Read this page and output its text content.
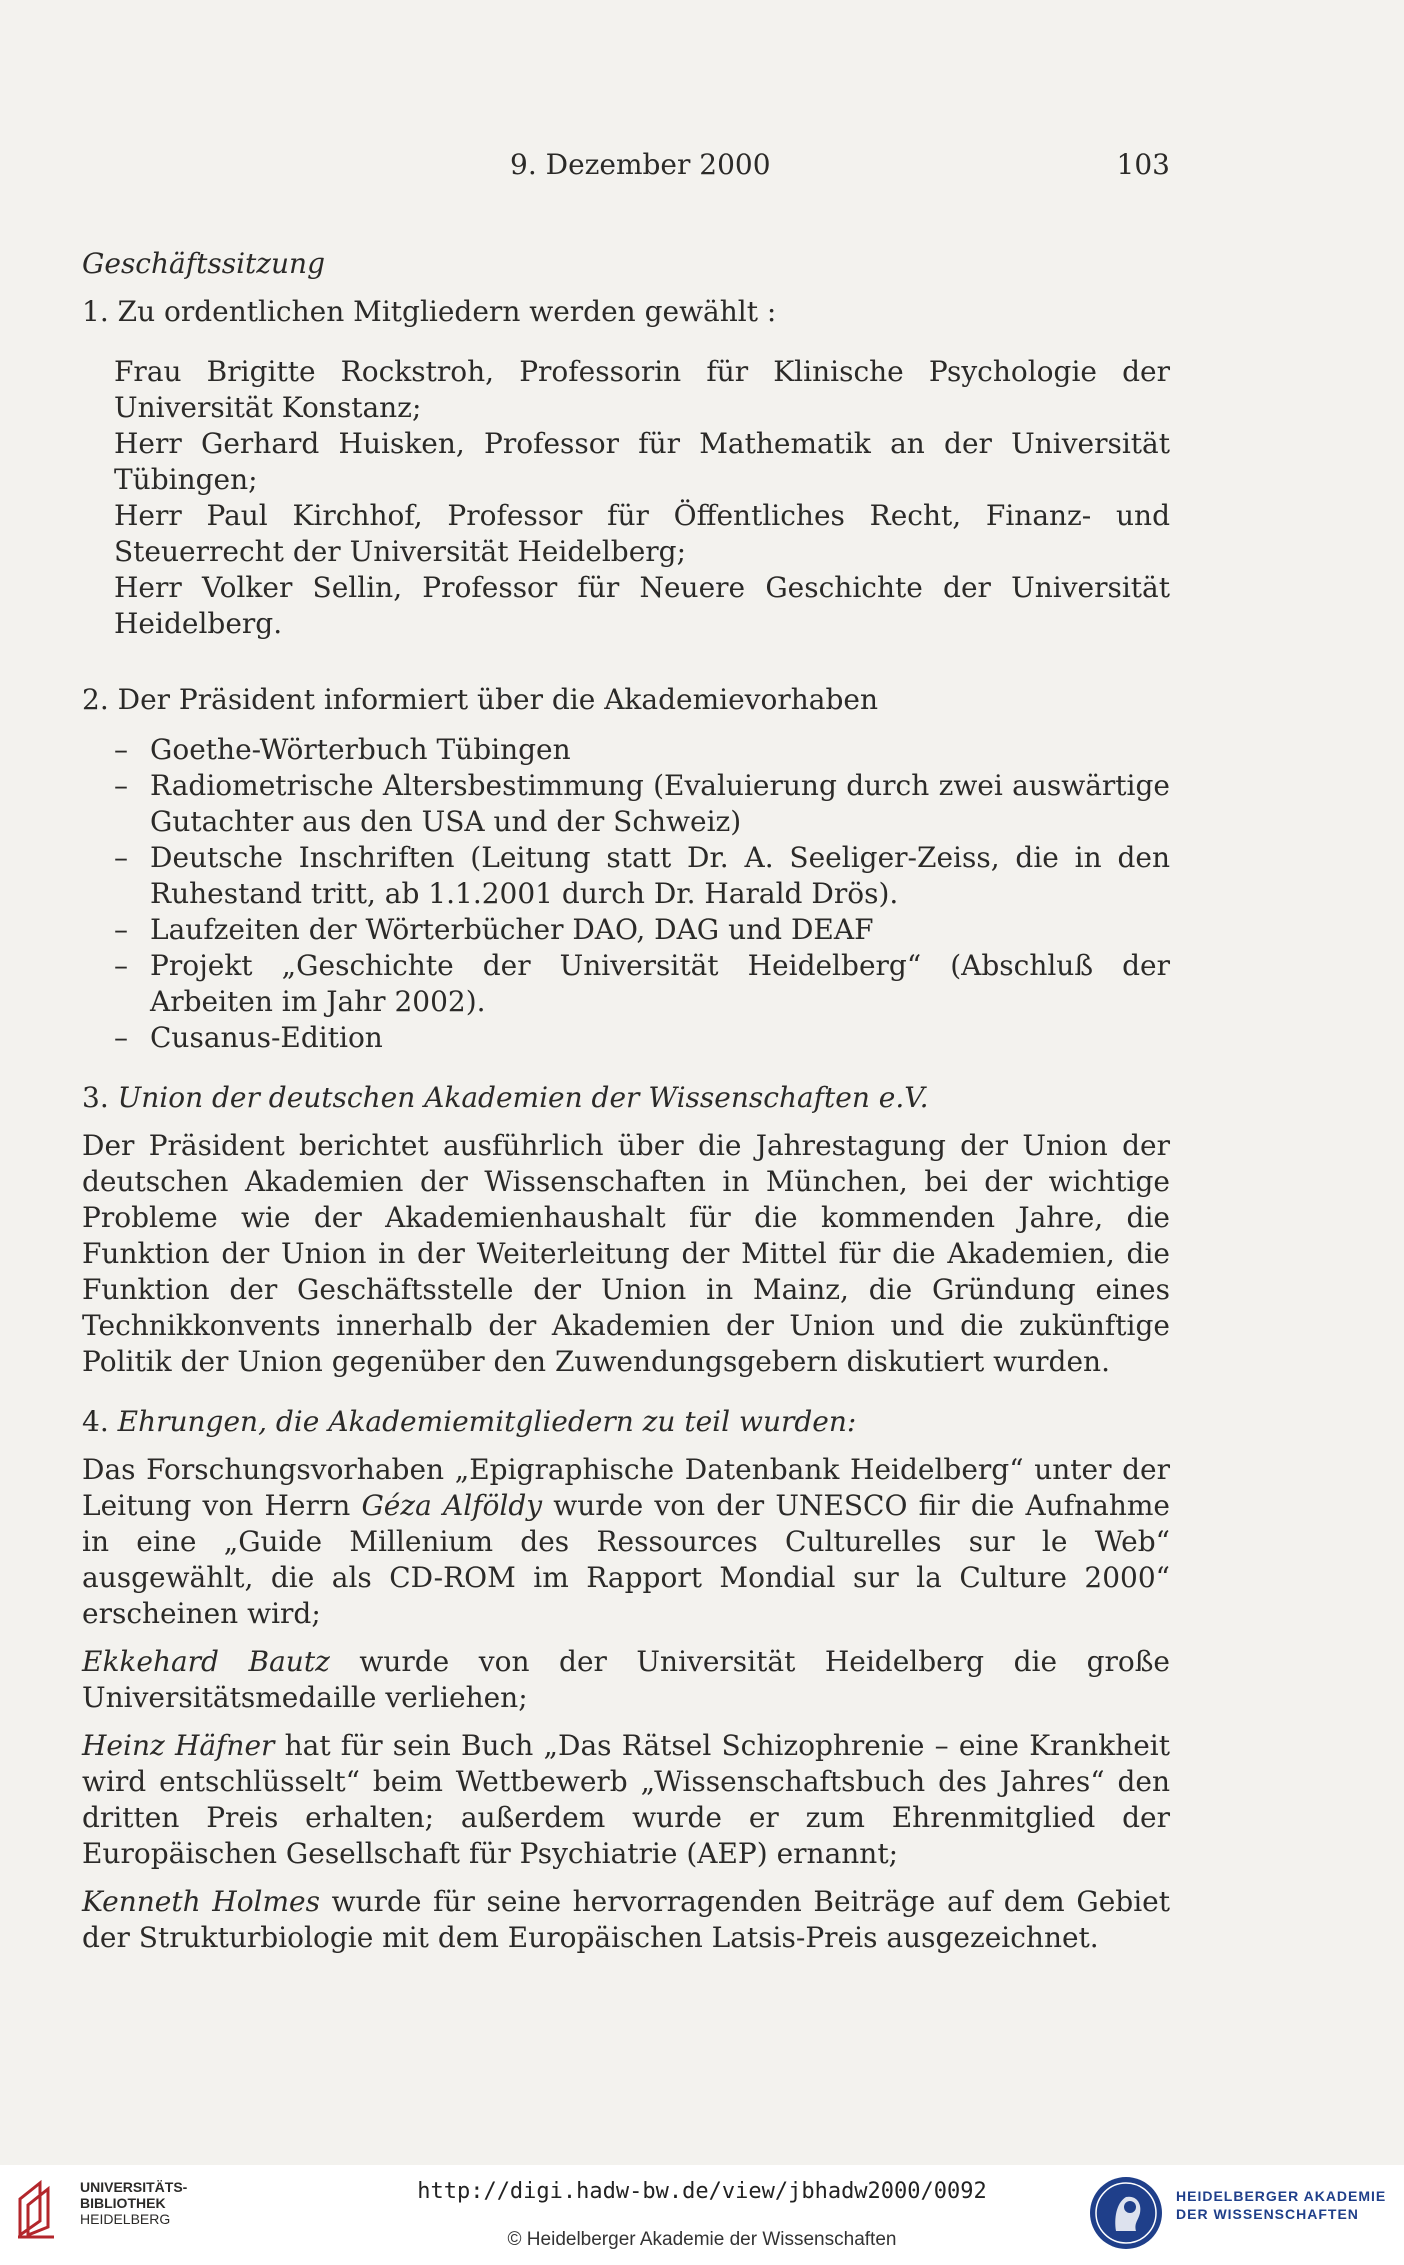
9. Dezember 2000	103

Geschäftssitzung

1. Zu ordentlichen Mitgliedern werden gewählt :

Frau Brigitte Rockstroh, Professorin für Klinische Psychologie der Universität Konstanz;

Herr Gerhard Huisken, Professor für Mathematik an der Universität Tübingen;

Herr Paul Kirchhof, Professor für Öffentliches Recht, Finanz- und Steuerrecht der Universität Heidelberg;

Herr Volker Sellin, Professor für Neuere Geschichte der Universität Heidelberg.

2. Der Präsident informiert über die Akademievorhaben

– Goethe-Wörterbuch Tübingen
– Radiometrische Altersbestimmung (Evaluierung durch zwei auswärtige Gutachter aus den USA und der Schweiz)
– Deutsche Inschriften (Leitung statt Dr. A. Seeliger-Zeiss, die in den Ruhestand tritt, ab 1.1.2001 durch Dr. Harald Drös).
– Laufzeiten der Wörterbücher DAO, DAG und DEAF
– Projekt „Geschichte der Universität Heidelberg“ (Abschluß der Arbeiten im Jahr 2002).
– Cusanus-Edition

3. Union der deutschen Akademien der Wissenschaften e.V.

Der Präsident berichtet ausführlich über die Jahrestagung der Union der deutschen Akademien der Wissenschaften in München, bei der wichtige Probleme wie der Akademienhaushalt für die kommenden Jahre, die Funktion der Union in der Weiterleitung der Mittel für die Akademien, die Funktion der Geschäftsstelle der Union in Mainz, die Gründung eines Technikkonvents innerhalb der Akademien der Union und die zukünftige Politik der Union gegenüber den Zuwendungsgebern diskutiert wurden.

4. Ehrungen, die Akademiemitgliedern zu teil wurden:

Das Forschungsvorhaben „Epigraphische Datenbank Heidelberg“ unter der Leitung von Herrn Géza Alföldy wurde von der UNESCO fiir die Aufnahme in eine „Guide Millenium des Ressources Culturelles sur le Web“ ausgewählt, die als CD-ROM im Rapport Mondial sur la Culture 2000“ erscheinen wird;

Ekkehard Bautz wurde von der Universität Heidelberg die große Universitätsmedaille verliehen;

Heinz Häfner hat für sein Buch „Das Rätsel Schizophrenie – eine Krankheit wird entschlüsselt“ beim Wettbewerb „Wissenschaftsbuch des Jahres“ den dritten Preis erhalten; außerdem wurde er zum Ehrenmitglied der Europäischen Gesellschaft für Psychiatrie (AEP) ernannt;

Kenneth Holmes wurde für seine hervorragenden Beiträge auf dem Gebiet der Strukturbiologie mit dem Europäischen Latsis-Preis ausgezeichnet.

UNIVERSITÄTS-
BIBLIOTHEK
HEIDELBERG
http://digi.hadw-bw.de/view/jbhadw2000/0092
© Heidelberger Akademie der Wissenschaften
HEIDELBERGER AKADEMIE
DER WISSENSCHAFTEN
